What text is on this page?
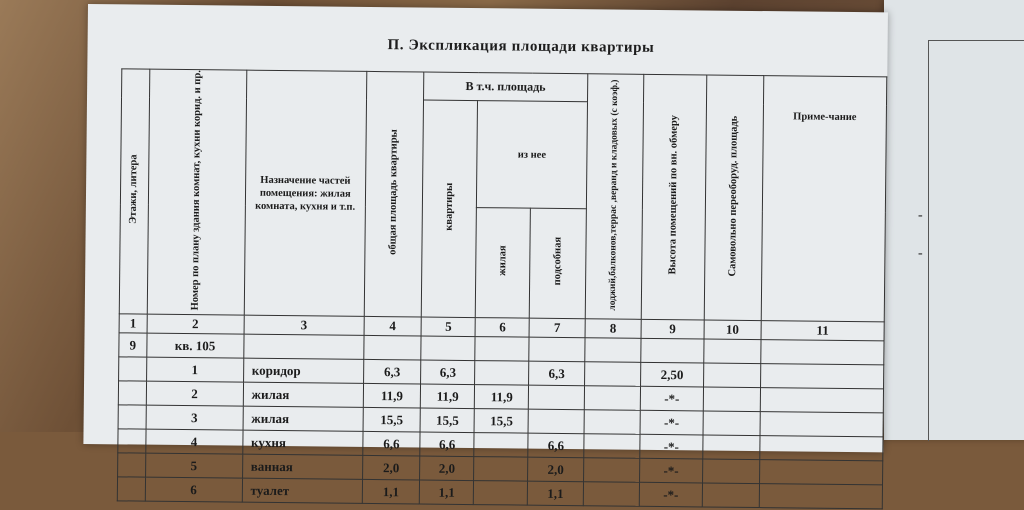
-
-
П. Экспликация площади квартиры
Этажи, литера	Номер по плану здания комнат, кухни корид. и пр.	Назначение частей помещения: жилая комната, кухня и т.п.	общая площадь квартиры	В т.ч. площадь			лоджий,балконов,террас ,веранд и кладовых (с коэф.)	Высота помещений по вн. обмеру	Самовольно переоборуд. площадь	Приме-чание
				квартиры	из нее					
					жилая	подсобная				
1	2	3	4	5	6	7	8	9	10	11
9	кв. 105									
	1	коридор	6,3	6,3		6,3		2,50		
	2	жилая	11,9	11,9	11,9			-*-		
	3	жилая	15,5	15,5	15,5			-*-		
	4	кухня	6,6	6,6		6,6		-*-		
	5	ванная	2,0	2,0		2,0		-*-		
	6	туалет	1,1	1,1		1,1		-*-		
